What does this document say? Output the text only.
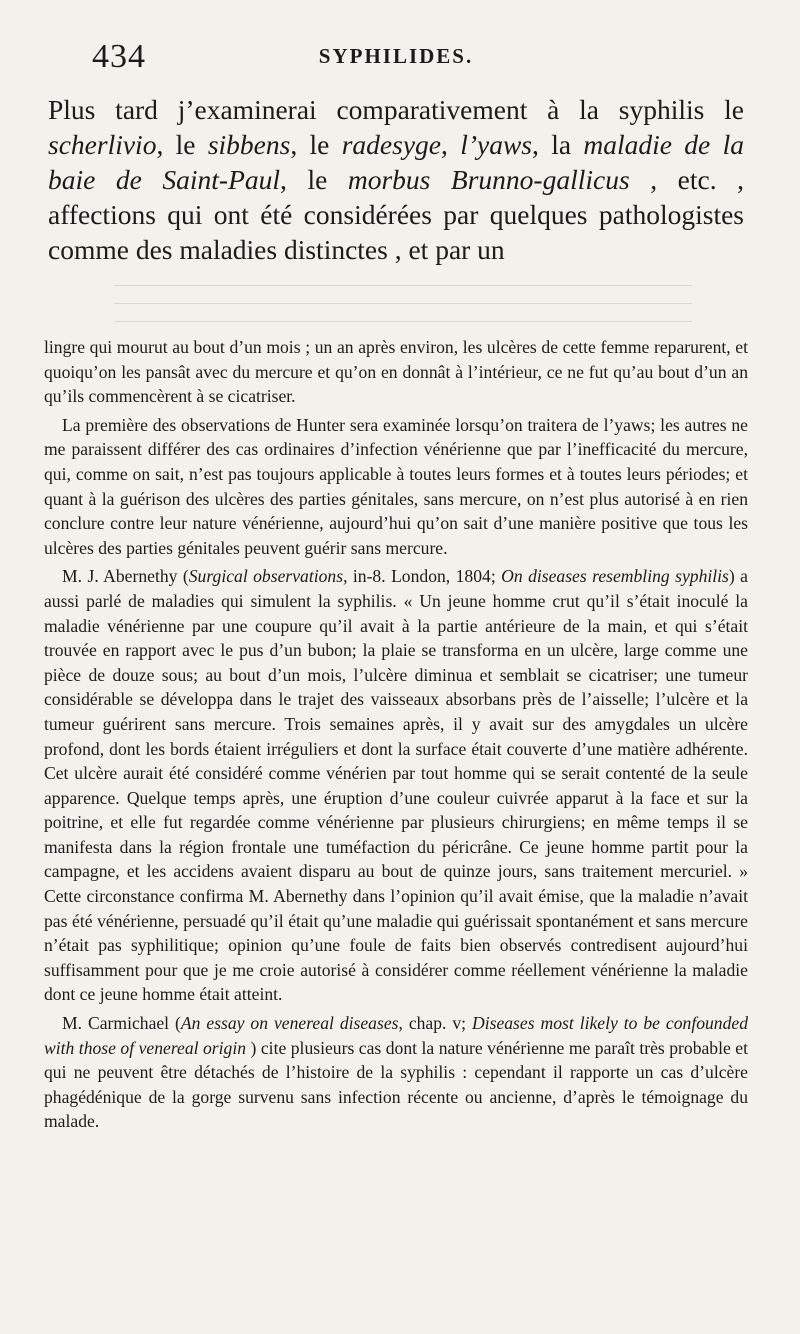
434	SYPHILIDES.

Plus tard j’examinerai comparativement à la syphilis le scherlivio, le sibbens, le radesyge, l’yaws, la maladie de la baie de Saint-Paul, le morbus Brunno-gallicus , etc. , affections qui ont été considérées par quelques pathologistes comme des maladies distinctes , et par un

lingre qui mourut au bout d’un mois ; un an après environ, les ulcères de cette femme reparurent, et quoiqu’on les pansât avec du mercure et qu’on en donnât à l’intérieur, ce ne fut qu’au bout d’un an qu’ils commencèrent à se cicatriser.

La première des observations de Hunter sera examinée lorsqu’on traitera de l’yaws; les autres ne me paraissent différer des cas ordinaires d’infection vénérienne que par l’inefficacité du mercure, qui, comme on sait, n’est pas toujours applicable à toutes leurs formes et à toutes leurs périodes; et quant à la guérison des ulcères des parties génitales, sans mercure, on n’est plus autorisé à en rien conclure contre leur nature vénérienne, aujourd’hui qu’on sait d’une manière positive que tous les ulcères des parties génitales peuvent guérir sans mercure.

M. J. Abernethy (Surgical observations, in-8. London, 1804; On diseases resembling syphilis) a aussi parlé de maladies qui simulent la syphilis. « Un jeune homme crut qu’il s’était inoculé la maladie vénérienne par une coupure qu’il avait à la partie antérieure de la main, et qui s’était trouvée en rapport avec le pus d’un bubon; la plaie se transforma en un ulcère, large comme une pièce de douze sous; au bout d’un mois, l’ulcère diminua et semblait se cicatriser; une tumeur considérable se développa dans le trajet des vaisseaux absorbans près de l’aisselle; l’ulcère et la tumeur guérirent sans mercure. Trois semaines après, il y avait sur des amygdales un ulcère profond, dont les bords étaient irréguliers et dont la surface était couverte d’une matière adhérente. Cet ulcère aurait été considéré comme vénérien par tout homme qui se serait contenté de la seule apparence. Quelque temps après, une éruption d’une couleur cuivrée apparut à la face et sur la poitrine, et elle fut regardée comme vénérienne par plusieurs chirurgiens; en même temps il se manifesta dans la région frontale une tuméfaction du péricrâne. Ce jeune homme partit pour la campagne, et les accidens avaient disparu au bout de quinze jours, sans traitement mercuriel. » Cette circonstance confirma M. Abernethy dans l’opinion qu’il avait émise, que la maladie n’avait pas été vénérienne, persuadé qu’il était qu’une maladie qui guérissait spontanément et sans mercure n’était pas syphilitique; opinion qu’une foule de faits bien observés contredisent aujourd’hui suffisamment pour que je me croie autorisé à considérer comme réellement vénérienne la maladie dont ce jeune homme était atteint.

M. Carmichael (An essay on venereal diseases, chap. v; Diseases most likely to be confounded with those of venereal origin ) cite plusieurs cas dont la nature vénérienne me paraît très probable et qui ne peuvent être détachés de l’histoire de la syphilis : cependant il rapporte un cas d’ulcère phagédénique de la gorge survenu sans infection récente ou ancienne, d’après le témoignage du malade.
